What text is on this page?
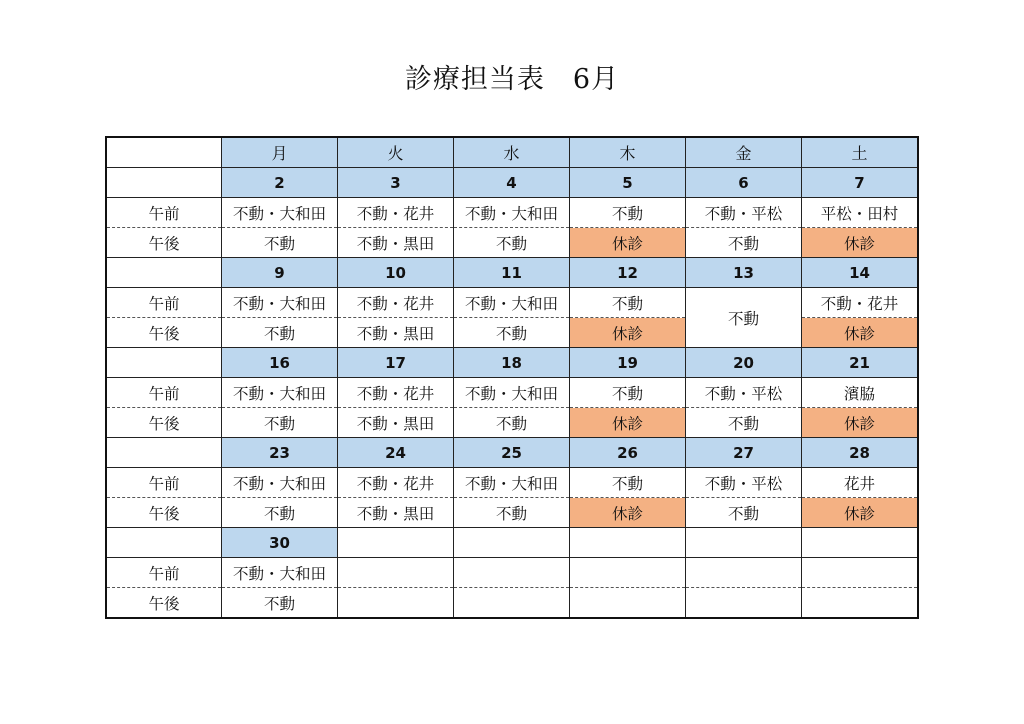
診療担当表　6月
	月	火	水	木	金	土
	2	3	4	5	6	7
午前	不動・大和田	不動・花井	不動・大和田	不動	不動・平松	平松・田村
午後	不動	不動・黒田	不動	休診	不動	休診
	9	10	11	12	13	14
午前	不動・大和田	不動・花井	不動・大和田	不動	不動	不動・花井
午後	不動	不動・黒田	不動	休診		休診
	16	17	18	19	20	21
午前	不動・大和田	不動・花井	不動・大和田	不動	不動・平松	濱脇
午後	不動	不動・黒田	不動	休診	不動	休診
	23	24	25	26	27	28
午前	不動・大和田	不動・花井	不動・大和田	不動	不動・平松	花井
午後	不動	不動・黒田	不動	休診	不動	休診
	30					
午前	不動・大和田					
午後	不動					
